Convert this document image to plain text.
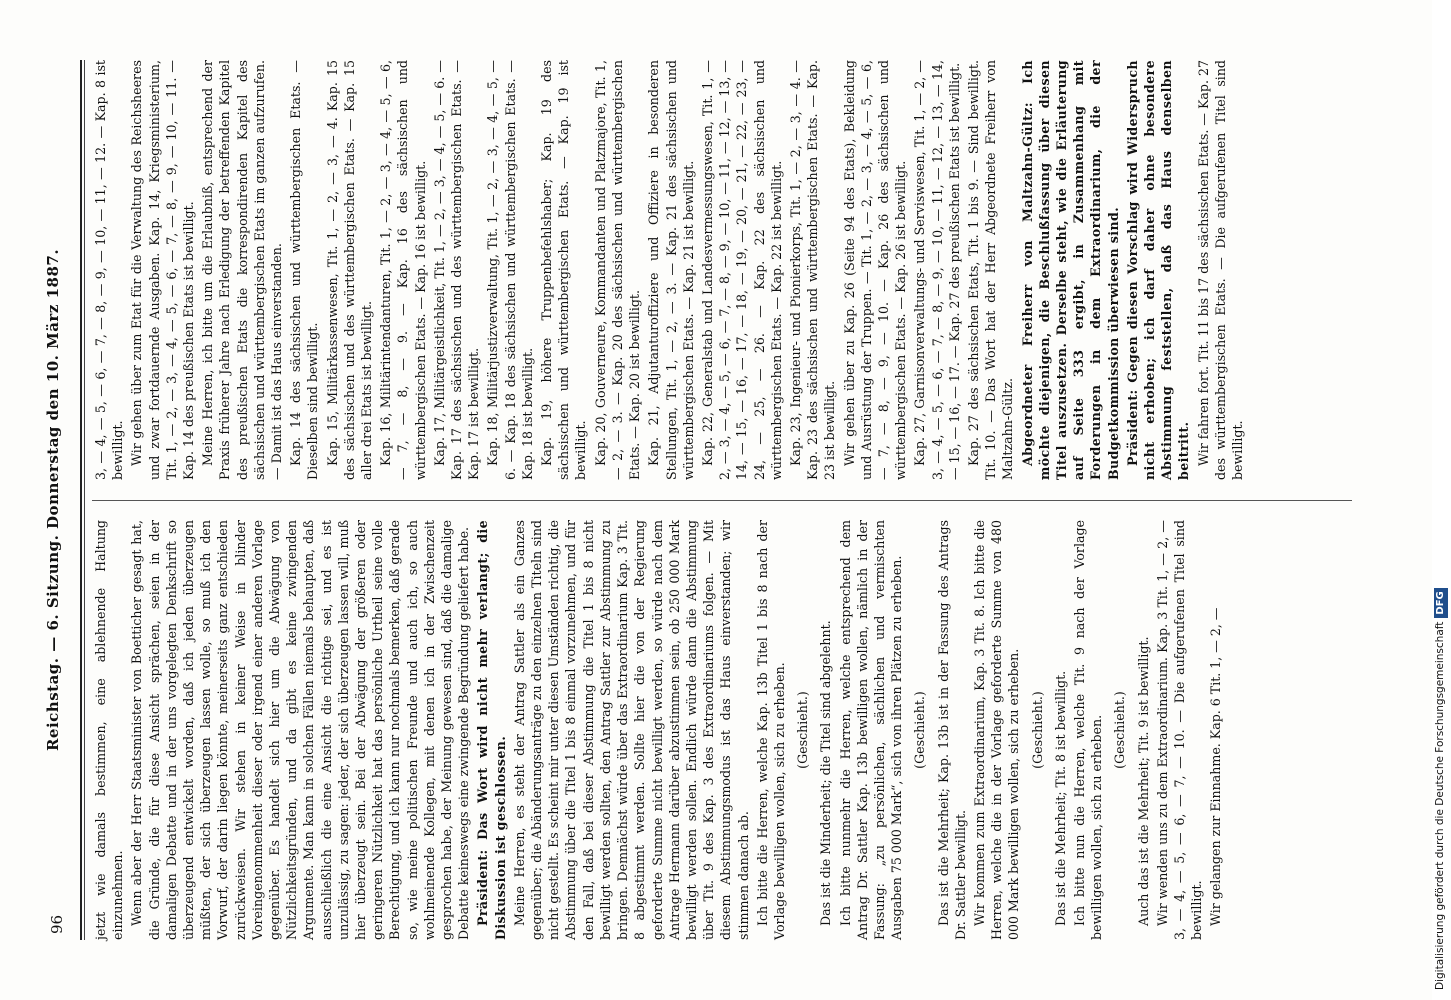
96
Reichstag. — 6. Sitzung. Donnerstag den 10. März 1887. jetzt wie damals bestimmen, eine ablehnende Haltung einzunehmen. Wenn aber der Herr Staatsminister von Boetticher gesagt hat, die Gründe, die für diese Ansicht sprächen, seien in der damaligen Debatte und in der uns vorgelegten Denkschrift so überzeugend entwickelt worden, daß ich jeden überzeugen müßten, der sich überzeugen lassen wolle, so muß ich den Vorwurf, der darin liegen könnte, meinerseits ganz entschieden zurückweisen. Wir stehen in keiner Weise in blinder Voreingenommenheit dieser oder irgend einer anderen Vorlage gegenüber. Es handelt sich hier um die Abwägung von Nützlichkeitsgründen, und da gibt es keine zwingenden Argumente. Man kann in solchen Fällen niemals behaupten, daß ausschließlich die eine Ansicht die richtige sei, und es ist unzulässig, zu sagen: jeder, der sich überzeugen lassen will, muß hier überzeugt sein. Bei der Abwägung der größeren oder geringeren Nützlichkeit hat das persönliche Urtheil seine volle Berechtigung, und ich kann nur nochmals bemerken, daß gerade so, wie meine politischen Freunde und auch ich, so auch wohlmeinende Kollegen, mit denen ich in der Zwischenzeit gesprochen habe, der Meinung gewesen sind, daß die damalige Debatte keineswegs eine zwingende Begründung geliefert habe. Präsident: Das Wort wird nicht mehr verlangt; die Diskussion ist geschlossen. Meine Herren, es steht der Antrag Sattler als ein Ganzes gegenüber; die Abänderungsanträge zu den einzelnen Titeln sind nicht gestellt. Es scheint mir unter diesen Umständen richtig, die Abstimmung über die Titel 1 bis 8 einmal vorzunehmen, und für den Fall, daß bei dieser Abstimmung die Titel 1 bis 8 nicht bewilligt werden sollten, den Antrag Sattler zur Abstimmung zu bringen. Demnächst würde über das Extraordinarium Kap. 3 Tit. 8 abgestimmt werden. Sollte hier die von der Regierung geforderte Summe nicht bewilligt werden, so würde nach dem Antrage Hermann darüber abzustimmen sein, ob 250 000 Mark bewilligt werden sollen. Endlich würde dann die Abstimmung über Tit. 9 des Kap. 3 des Extraordinariums folgen. — Mit diesem Abstimmungsmodus ist das Haus einverstanden; wir stimmen danach ab. Ich bitte die Herren, welche Kap. 13b Titel 1 bis 8 nach der Vorlage bewilligen wollen, sich zu erheben. (Geschieht.) Das ist die Minderheit; die Titel sind abgelehnt. Ich bitte nunmehr die Herren, welche entsprechend dem Antrag Dr. Sattler Kap. 13b bewilligen wollen, nämlich in der Fassung: „zu persönlichen, sächlichen und vermischten Ausgaben 75 000 Mark“, sich von ihren Plätzen zu erheben. (Geschieht.) Das ist die Mehrheit; Kap. 13b ist in der Fassung des Antrags Dr. Sattler bewilligt. Wir kommen zum Extraordinarium, Kap. 3 Tit. 8. Ich bitte die Herren, welche die in der Vorlage geforderte Summe von 480 000 Mark bewilligen wollen, sich zu erheben. (Geschieht.) Das ist die Mehrheit; Tit. 8 ist bewilligt. Ich bitte nun die Herren, welche Tit. 9 nach der Vorlage bewilligen wollen, sich zu erheben. (Geschieht.) Auch das ist die Mehrheit; Tit. 9 ist bewilligt. Wir wenden uns zu dem Extraordinarium. Kap. 3 Tit. 1, — 2, — 3, — 4, — 5, — 6, — 7, — 10. — Die aufgerufenen Titel sind bewilligt. Wir gelangen zur Einnahme. Kap. 6 Tit. 1, — 2, —

3, — 4, — 5, — 6, — 7, — 8, — 9, — 10, — 11, — 12. — Kap. 8 ist bewilligt. Wir gehen über zum Etat für die Verwaltung des Reichsheeres und zwar fortdauernde Ausgaben. Kap. 14, Kriegsministerium, Tit. 1, — 2, — 3, — 4, — 5, — 6, — 7, — 8, — 9, — 10, — 11. — Kap. 14 des preußischen Etats ist bewilligt. Meine Herren, ich bitte um die Erlaubniß, entsprechend der Praxis früherer Jahre nach Erledigung der betreffenden Kapitel des preußischen Etats die korrespondirenden Kapitel des sächsischen und württembergischen Etats im ganzen aufzurufen. — Damit ist das Haus einverstanden. Kap. 14 des sächsischen und württembergischen Etats. — Dieselben sind bewilligt. Kap. 15, Militärkassenwesen, Tit. 1, — 2, — 3, — 4. Kap. 15 des sächsischen und des württembergischen Etats. — Kap. 15 aller drei Etats ist bewilligt. Kap. 16, Militärintendanturen, Tit. 1, — 2, — 3, — 4, — 5, — 6, — 7, — 8, — 9. — Kap. 16 des sächsischen und württembergischen Etats. — Kap. 16 ist bewilligt. Kap. 17, Militärgeistlichkeit, Tit. 1, — 2, — 3, — 4, — 5, — 6. — Kap. 17 des sächsischen und des württembergischen Etats. — Kap. 17 ist bewilligt. Kap. 18, Militärjustizverwaltung, Tit. 1, — 2, — 3, — 4, — 5, — 6. — Kap. 18 des sächsischen und württembergischen Etats. — Kap. 18 ist bewilligt. Kap. 19, höhere Truppenbefehlshaber; Kap. 19 des sächsischen und württembergischen Etats. — Kap. 19 ist bewilligt. Kap. 20, Gouverneure, Kommandanten und Platzmajore, Tit. 1, — 2, — 3. — Kap. 20 des sächsischen und württembergischen Etats. — Kap. 20 ist bewilligt. Kap. 21, Adjutanturoffiziere und Offiziere in besonderen Stellungen, Tit. 1, — 2, — 3. — Kap. 21 des sächsischen und württembergischen Etats. — Kap. 21 ist bewilligt. Kap. 22, Generalstab und Landesvermessungswesen, Tit. 1, — 2, — 3, — 4, — 5, — 6, — 7, — 8, — 9, — 10, — 11, — 12, — 13, — 14, — 15, — 16, — 17, — 18, — 19, — 20, — 21, — 22, — 23, — 24, — 25, — 26. — Kap. 22 des sächsischen und württembergischen Etats. — Kap. 22 ist bewilligt. Kap. 23, Ingenieur- und Pionierkorps, Tit. 1, — 2, — 3, — 4. — Kap. 23 des sächsischen und württembergischen Etats. — Kap. 23 ist bewilligt. Wir gehen über zu Kap. 26 (Seite 94 des Etats), Bekleidung und Ausrüstung der Truppen. — Tit. 1, — 2, — 3, — 4, — 5, — 6, — 7, — 8, — 9, — 10. — Kap. 26 des sächsischen und württembergischen Etats. — Kap. 26 ist bewilligt. Kap. 27, Garnisonverwaltungs- und Serviswesen, Tit. 1, — 2, — 3, — 4, — 5, — 6, — 7, — 8, — 9, — 10, — 11, — 12, — 13, — 14, — 15, — 16, — 17. — Kap. 27 des preußischen Etats ist bewilligt. Kap. 27 des sächsischen Etats, Tit. 1 bis 9. — Sind bewilligt. Tit. 10. — Das Wort hat der Herr Abgeordnete Freiherr von Maltzahn-Gültz. Abgeordneter Freiherr von Maltzahn-Gültz: Ich möchte diejenigen, die Beschlußfassung über diesen Titel auszusetzen. Derselbe steht, wie die Erläuterung auf Seite 333 ergibt, in Zusammenhang mit Forderungen in dem Extraordinarium, die der Budgetkommission überwiesen sind. Präsident: Gegen diesen Vorschlag wird Widerspruch nicht erhoben; ich darf daher ohne besondere Abstimmung feststellen, daß das Haus denselben beitritt. Wir fahren fort. Tit. 11 bis 17 des sächsischen Etats. — Kap. 27 des württembergischen Etats. — Die aufgerufenen Titel sind bewilligt.

Digitalisierung gefördert durch die Deutsche ForschungsgemeinschaftDFG
